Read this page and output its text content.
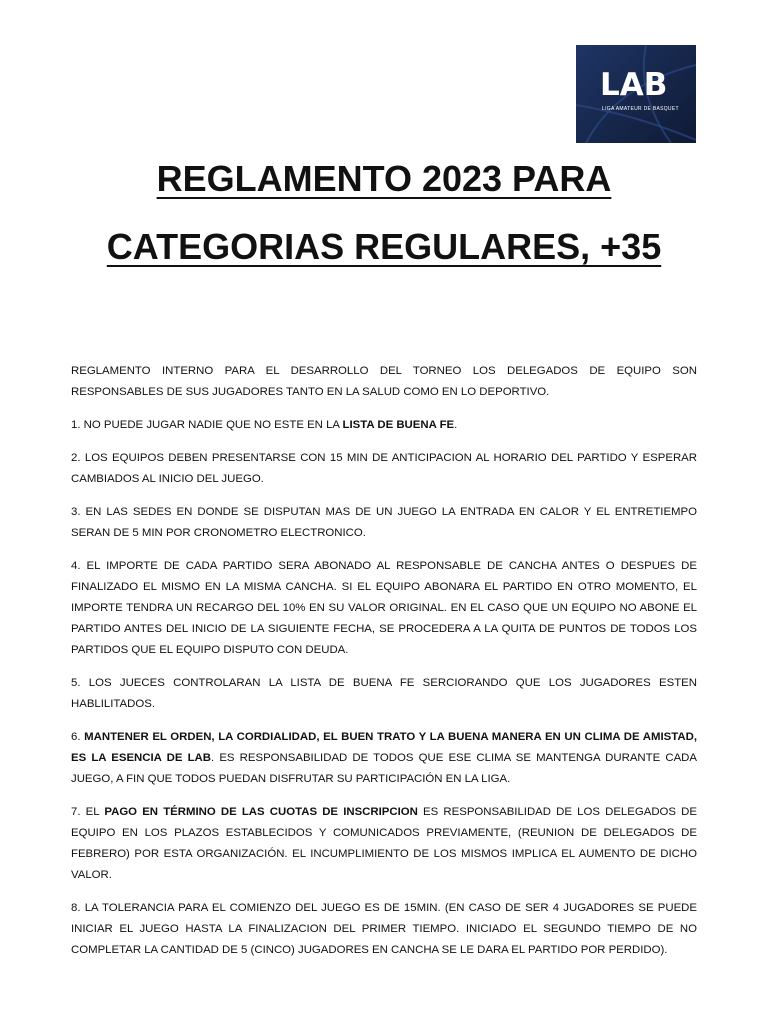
LAB
LIGA AMATEUR DE BASQUET
REGLAMENTO 2023 PARA
CATEGORIAS REGULARES, +35

REGLAMENTO INTERNO PARA EL DESARROLLO DEL TORNEO LOS DELEGADOS DE EQUIPO SON RESPONSABLES DE SUS JUGADORES TANTO EN LA SALUD COMO EN LO DEPORTIVO.

1. NO PUEDE JUGAR NADIE QUE NO ESTE EN LA LISTA DE BUENA FE.

2. LOS EQUIPOS DEBEN PRESENTARSE CON 15 MIN DE ANTICIPACION AL HORARIO DEL PARTIDO Y ESPERAR CAMBIADOS AL INICIO DEL JUEGO.

3. EN LAS SEDES EN DONDE SE DISPUTAN MAS DE UN JUEGO LA ENTRADA EN CALOR Y EL ENTRETIEMPO SERAN DE 5 MIN POR CRONOMETRO ELECTRONICO.

4. EL IMPORTE DE CADA PARTIDO SERA ABONADO AL RESPONSABLE DE CANCHA ANTES O DESPUES DE FINALIZADO EL MISMO EN LA MISMA CANCHA. SI EL EQUIPO ABONARA EL PARTIDO EN OTRO MOMENTO, EL IMPORTE TENDRA UN RECARGO DEL 10% EN SU VALOR ORIGINAL. EN EL CASO QUE UN EQUIPO NO ABONE EL PARTIDO ANTES DEL INICIO DE LA SIGUIENTE FECHA, SE PROCEDERA A LA QUITA DE PUNTOS DE TODOS LOS PARTIDOS QUE EL EQUIPO DISPUTO CON DEUDA.

5. LOS JUECES CONTROLARAN LA LISTA DE BUENA FE SERCIORANDO QUE LOS JUGADORES ESTEN HABLILITADOS.

6. MANTENER EL ORDEN, LA CORDIALIDAD, EL BUEN TRATO Y LA BUENA MANERA EN UN CLIMA DE AMISTAD, ES LA ESENCIA DE LAB. ES RESPONSABILIDAD DE TODOS QUE ESE CLIMA SE MANTENGA DURANTE CADA JUEGO, A FIN QUE TODOS PUEDAN DISFRUTAR SU PARTICIPACIÓN EN LA LIGA.

7. EL PAGO EN TÉRMINO DE LAS CUOTAS DE INSCRIPCION ES RESPONSABILIDAD DE LOS DELEGADOS DE EQUIPO EN LOS PLAZOS ESTABLECIDOS Y COMUNICADOS PREVIAMENTE, (REUNION DE DELEGADOS DE FEBRERO) POR ESTA ORGANIZACIÓN. EL INCUMPLIMIENTO DE LOS MISMOS IMPLICA EL AUMENTO DE DICHO VALOR.

8. LA TOLERANCIA PARA EL COMIENZO DEL JUEGO ES DE 15MIN. (EN CASO DE SER 4 JUGADORES SE PUEDE INICIAR EL JUEGO HASTA LA FINALIZACION DEL PRIMER TIEMPO. INICIADO EL SEGUNDO TIEMPO DE NO COMPLETAR LA CANTIDAD DE 5 (CINCO) JUGADORES EN CANCHA SE LE DARA EL PARTIDO POR PERDIDO).
